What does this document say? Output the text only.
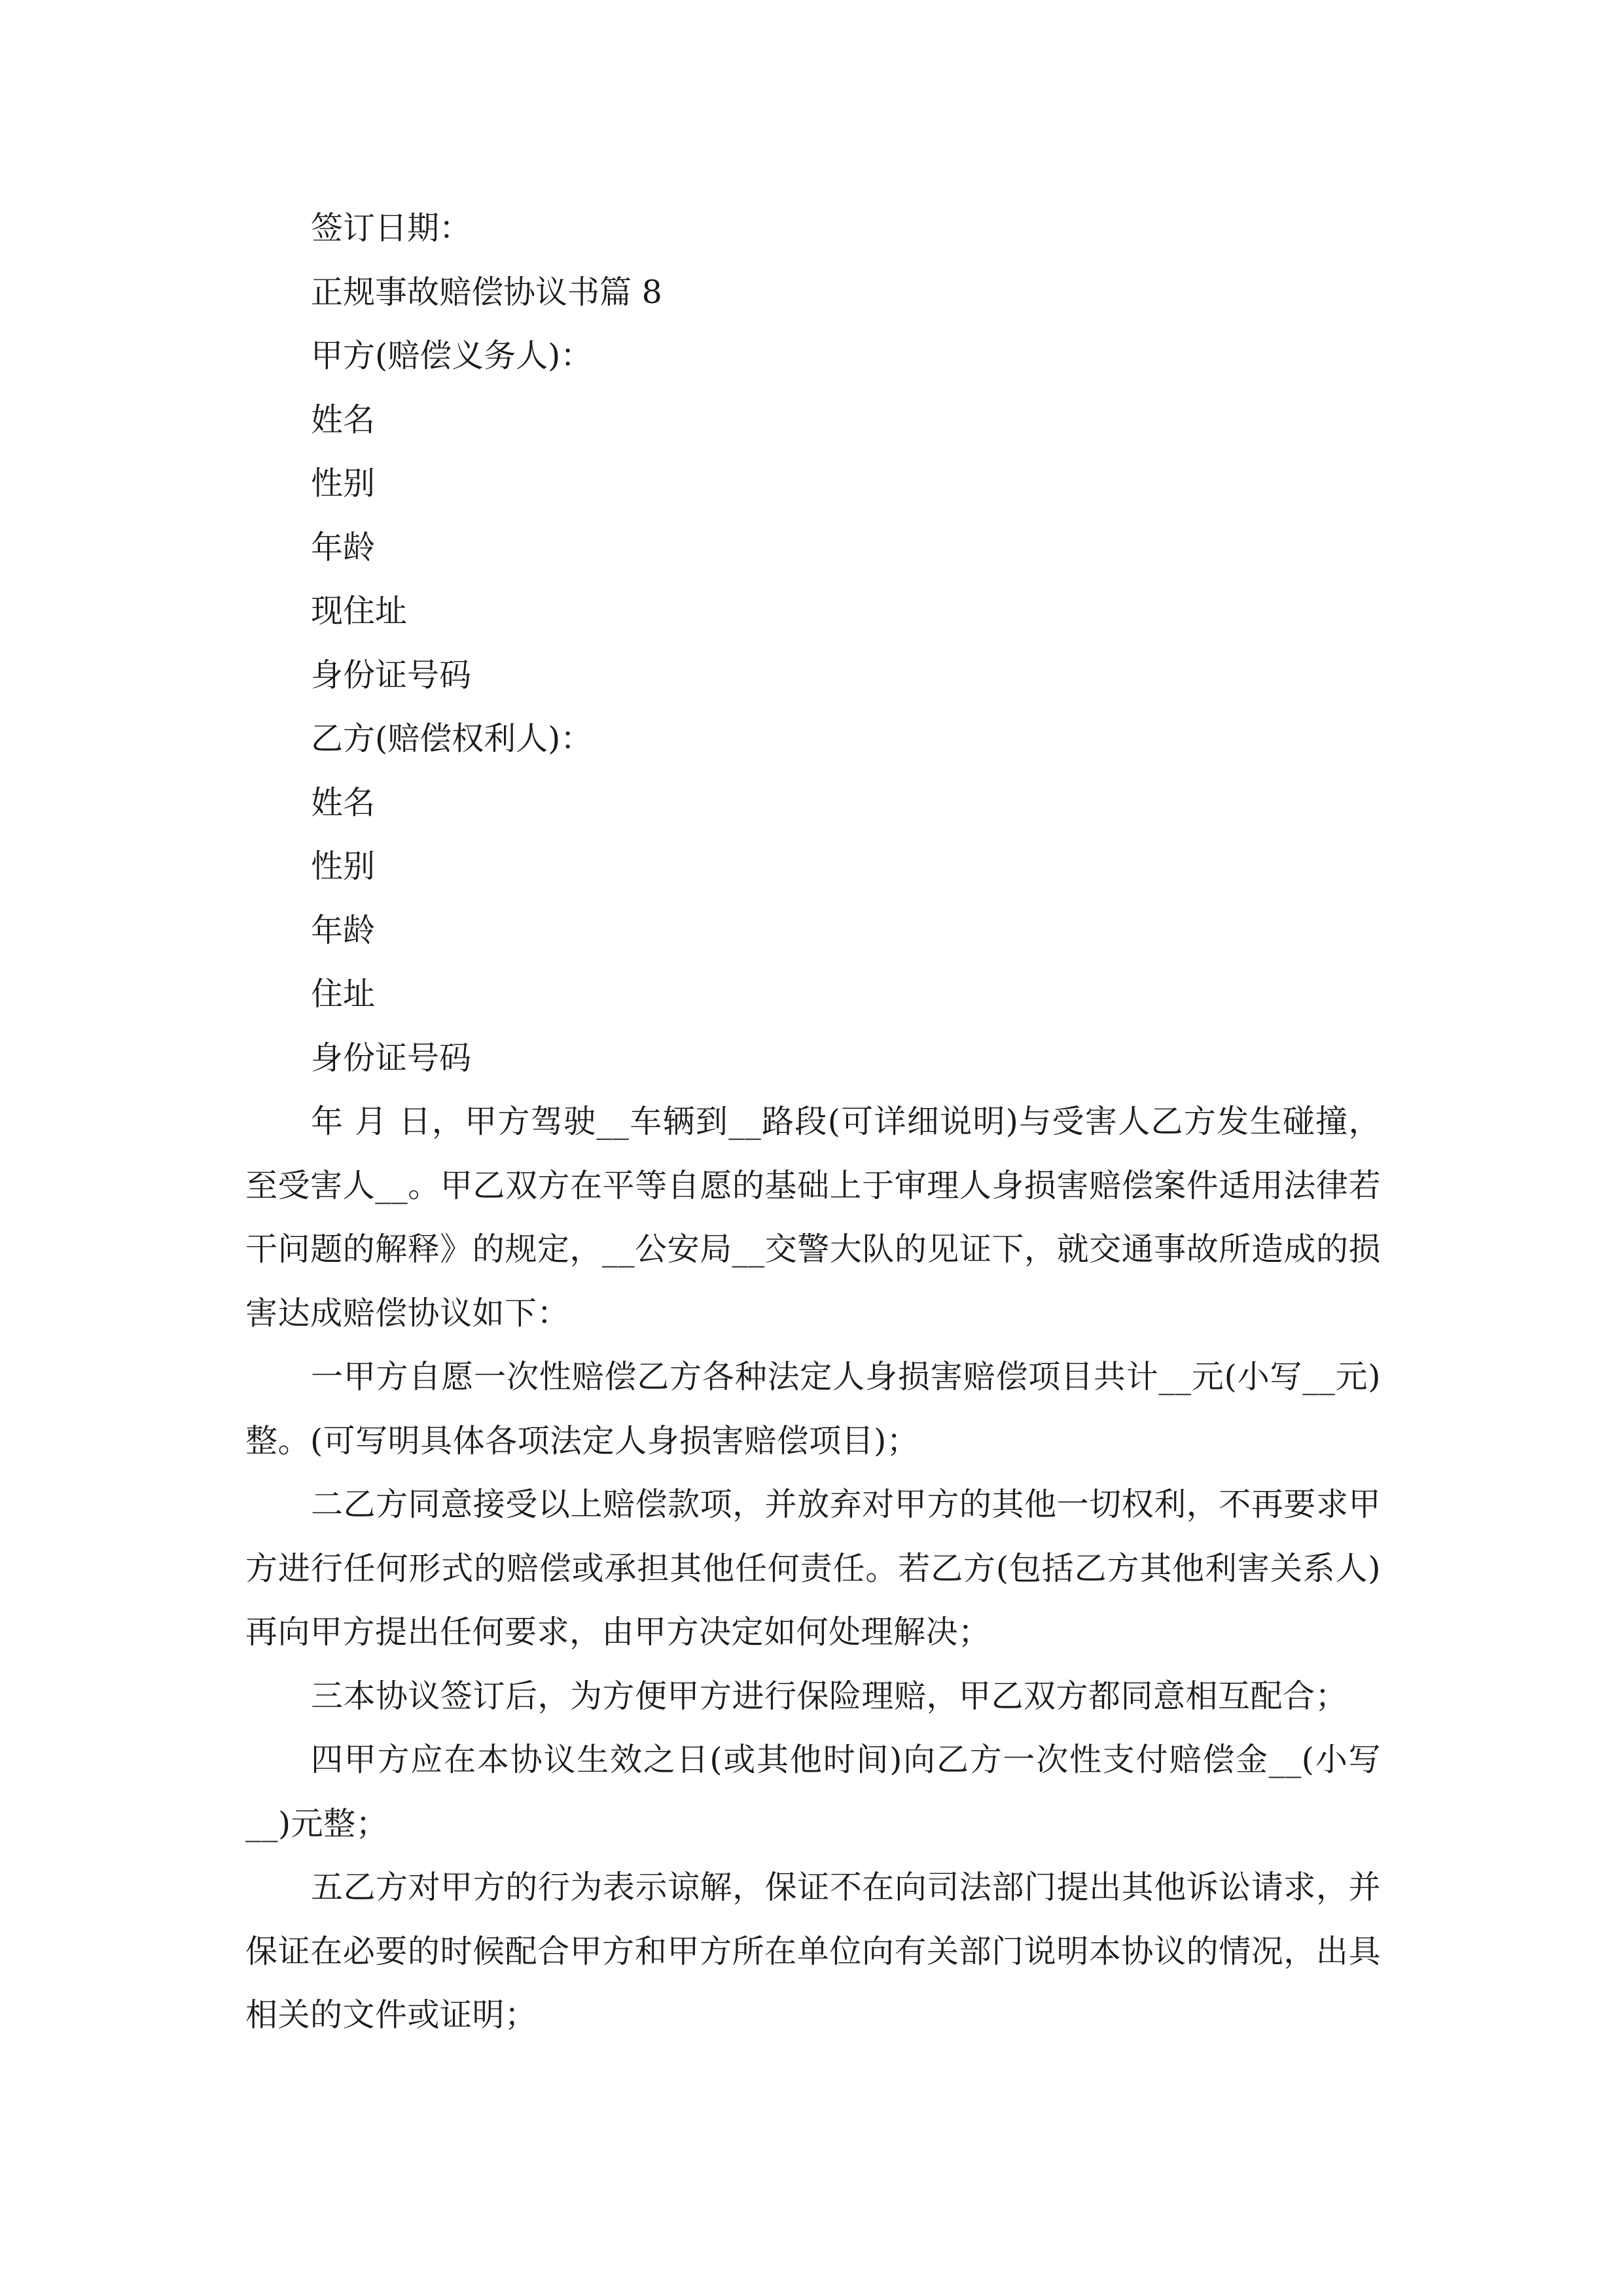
签订日期：
正规事故赔偿协议书篇 8
甲方(赔偿义务人)：
姓名
性别
年龄
现住址
身份证号码
乙方(赔偿权利人)：
姓名
性别
年龄
住址
身份证号码
年 月 日，甲方驾驶__车辆到__路段(可详细说明)与受害人乙方发生碰撞，至受害人__。甲乙双方在平等自愿的基础上于审理人身损害赔偿案件适用法律若干问题的解释》的规定，__公安局__交警大队的见证下，就交通事故所造成的损害达成赔偿协议如下：
一甲方自愿一次性赔偿乙方各种法定人身损害赔偿项目共计__元(小写__元)整。(可写明具体各项法定人身损害赔偿项目)；
二乙方同意接受以上赔偿款项，并放弃对甲方的其他一切权利，不再要求甲方进行任何形式的赔偿或承担其他任何责任。若乙方(包括乙方其他利害关系人)再向甲方提出任何要求，由甲方决定如何处理解决；
三本协议签订后，为方便甲方进行保险理赔，甲乙双方都同意相互配合；
四甲方应在本协议生效之日(或其他时间)向乙方一次性支付赔偿金__(小写__)元整；
五乙方对甲方的行为表示谅解，保证不在向司法部门提出其他诉讼请求，并保证在必要的时候配合甲方和甲方所在单位向有关部门说明本协议的情况，出具相关的文件或证明；
